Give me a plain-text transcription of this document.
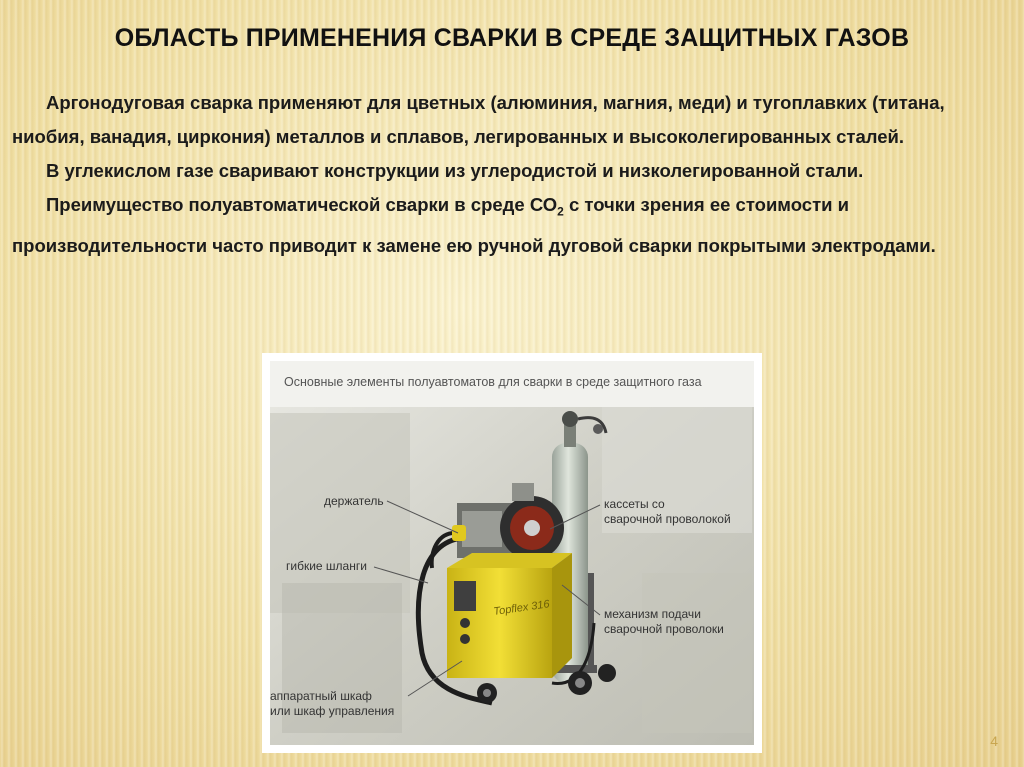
ОБЛАСТЬ ПРИМЕНЕНИЯ СВАРКИ В СРЕДЕ ЗАЩИТНЫХ ГАЗОВ

Аргонодуговая сварка применяют для цветных (алюминия, магния, меди) и тугоплавких (титана, ниобия, ванадия, циркония) металлов и сплавов, легированных и высоколегированных сталей.

В углекислом газе сваривают конструкции из углеродистой и низколегированной стали.

Преимущество полуавтоматической сварки в среде $СО_2$ с точки зрения ее стоимости и производительности часто приводит к замене ею ручной дуговой сварки покрытыми электродами.

Topflex 316
Основные элементы полуавтоматов для сварки в среде защитного газа
держатель
гибкие шланги
кассеты со
сварочной проволокой
механизм подачи
сварочной проволоки
аппаратный шкаф
или шкаф управления
4
